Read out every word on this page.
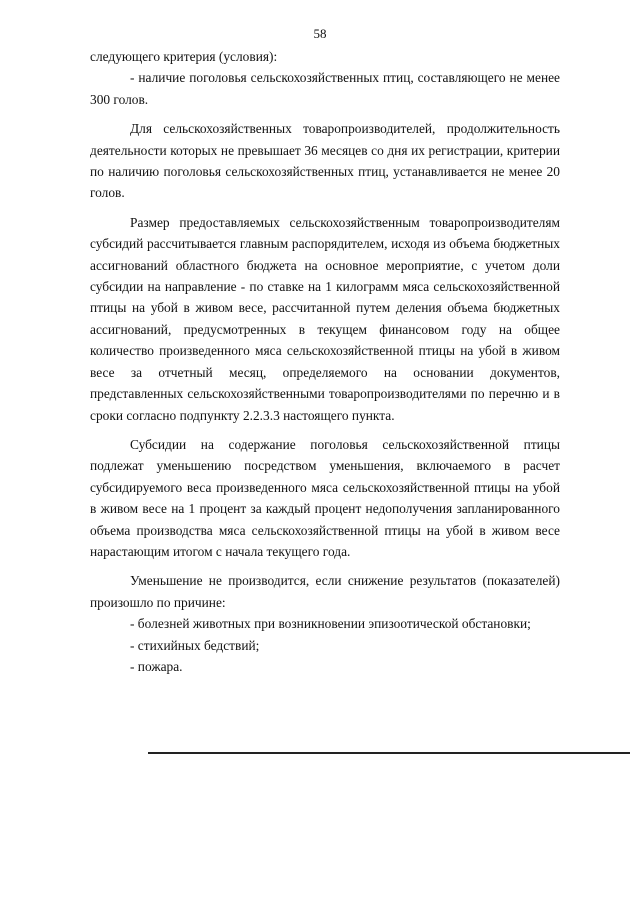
58

следующего критерия (условия):

- наличие поголовья сельскохозяйственных птиц, составляющего не менее 300 голов.

Для сельскохозяйственных товаропроизводителей, продолжительность деятельности которых не превышает 36 месяцев со дня их регистрации, критерии по наличию поголовья сельскохозяйственных птиц, устанавливается не менее 20 голов.

Размер предоставляемых сельскохозяйственным товаропроизводителям субсидий рассчитывается главным распорядителем, исходя из объема бюджетных ассигнований областного бюджета на основное мероприятие, с учетом доли субсидии на направление - по ставке на 1 килограмм мяса сельскохозяйственной птицы на убой в живом весе, рассчитанной путем деления объема бюджетных ассигнований, предусмотренных в текущем финансовом году на общее количество произведенного мяса сельскохозяйственной птицы на убой в живом весе за отчетный месяц, определяемого на основании документов, представленных сельскохозяйственными товаропроизводителями по перечню и в сроки согласно подпункту 2.2.3.3 настоящего пункта.

Субсидии на содержание поголовья сельскохозяйственной птицы подлежат уменьшению посредством уменьшения, включаемого в расчет субсидируемого веса произведенного мяса сельскохозяйственной птицы на убой в живом весе на 1 процент за каждый процент недополучения запланированного объема производства мяса сельскохозяйственной птицы на убой в живом весе нарастающим итогом с начала текущего года.

Уменьшение не производится, если снижение результатов (показателей) произошло по причине:

- болезней животных при возникновении эпизоотической обстановки;

- стихийных бедствий;

- пожара.
